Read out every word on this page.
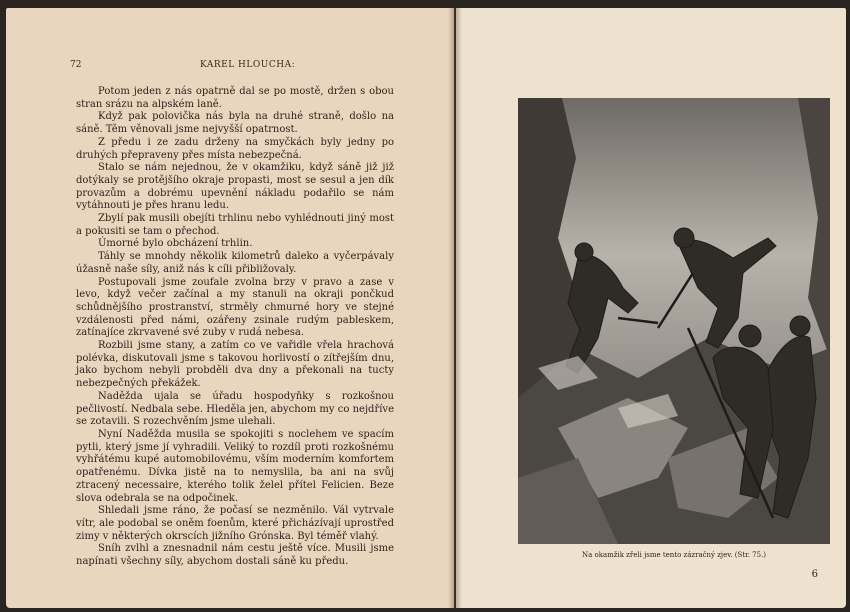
72	KAREL HLOUCHA:

Potom jeden z nás opatrně dal se po mostě, držen s obou stran srázu na alpském laně.

Když pak polovička nás byla na druhé straně, došlo na sáně. Těm věnovali jsme nejvyšší opatrnost.

Z předu i ze zadu drženy na smyčkách byly jedny po druhých přepraveny přes místa nebezpečná.

Stalo se nám nejednou, že v okamžiku, když sáně již již dotýkaly se protějšího okraje propasti, most se sesul a jen dík provazům a dobrému upevnění nákladu podařilo se nám vytáhnouti je přes hranu ledu.

Zbylí pak musili obejíti trhlinu nebo vyhlédnouti jiný most a pokusiti se tam o přechod.

Úmorné bylo obcházení trhlin.

Táhly se mnohdy několik kilometrů daleko a vyčerpávaly úžasně naše síly, aniž nás k cíli přibližovaly.

Postupovali jsme zoufale zvolna brzy v pravo a zase v levo, když večer začínal a my stanuli na okraji pončkud schůdnějšího prostranství, strměly chmurné hory ve stejné vzdálenosti před námi, ozářeny zsinale rudým pableskem, zatínajíce zkrvavené své zuby v rudá nebesa.

Rozbili jsme stany, a zatím co ve vařidle vřela hrachová polévka, diskutovali jsme s takovou horlivostí o zítřejším dnu, jako bychom nebyli probděli dva dny a překonali na tucty nebezpečných překážek.

Naděžda ujala se úřadu hospodyňky s rozkošnou pečlivostí. Nedbala sebe. Hleděla jen, abychom my co nejdříve se zotavili. S rozechvěním jsme ulehali.

Nyní Naděžda musila se spokojiti s noclehem ve spacím pytli, který jsme jí vyhradili. Veliký to rozdíl proti rozkošnému vyhřátému kupé automobilovému, vším moderním komfortem opatřenému. Dívka jistě na to nemyslila, ba ani na svůj ztracený necessaire, kterého tolik želel přítel Felicien. Beze slova odebrala se na odpočinek.

Shledali jsme ráno, že počasí se nezměnilo. Vál vytrvale vítr, ale podobal se oněm foenům, které přicházívají uprostřed zimy v některých okrscích jižního Grónska. Byl téměř vlahý.

Sníh zvlhl a znesnadnil nám cestu ještě více. Musili jsme napínati všechny síly, abychom dostali sáně ku předu.

Na okamžik zřeli jsme tento zázračný zjev. (Str. 75.)
6
